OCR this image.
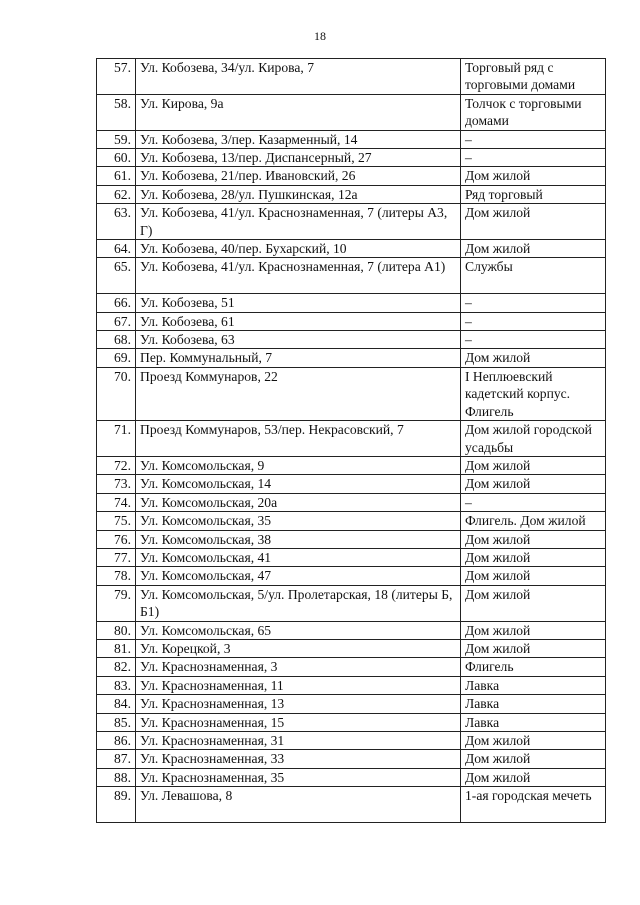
18
57.	Ул. Кобозева, 34/ул. Кирова, 7	Торговый ряд с торговыми домами
58.	Ул. Кирова, 9а	Толчок с торговыми домами
59.	Ул. Кобозева, 3/пер. Казарменный, 14	–
60.	Ул. Кобозева, 13/пер. Диспансерный, 27	–
61.	Ул. Кобозева, 21/пер. Ивановский, 26	Дом жилой
62.	Ул. Кобозева, 28/ул. Пушкинская, 12а	Ряд торговый
63.	Ул. Кобозева, 41/ул. Краснознаменная, 7 (литеры А3, Г)	Дом жилой
64.	Ул. Кобозева, 40/пер. Бухарский, 10	Дом жилой
65.	Ул. Кобозева, 41/ул. Краснознаменная, 7 (литера А1)	Службы
66.	Ул. Кобозева, 51	–
67.	Ул. Кобозева, 61	–
68.	Ул. Кобозева, 63	–
69.	Пер. Коммунальный, 7	Дом жилой
70.	Проезд Коммунаров, 22	I Неплюевский кадетский корпус. Флигель
71.	Проезд Коммунаров, 53/пер. Некрасовский, 7	Дом жилой городской усадьбы
72.	Ул. Комсомольская, 9	Дом жилой
73.	Ул. Комсомольская, 14	Дом жилой
74.	Ул. Комсомольская, 20а	–
75.	Ул. Комсомольская, 35	Флигель. Дом жилой
76.	Ул. Комсомольская, 38	Дом жилой
77.	Ул. Комсомольская, 41	Дом жилой
78.	Ул. Комсомольская, 47	Дом жилой
79.	Ул. Комсомольская, 5/ул. Пролетарская, 18 (литеры Б, Б1)	Дом жилой
80.	Ул. Комсомольская, 65	Дом жилой
81.	Ул. Корецкой, 3	Дом жилой
82.	Ул. Краснознаменная, 3	Флигель
83.	Ул. Краснознаменная, 11	Лавка
84.	Ул. Краснознаменная, 13	Лавка
85.	Ул. Краснознаменная, 15	Лавка
86.	Ул. Краснознаменная, 31	Дом жилой
87.	Ул. Краснознаменная, 33	Дом жилой
88.	Ул. Краснознаменная, 35	Дом жилой
89.	Ул. Левашова, 8	1-ая городская мечеть
